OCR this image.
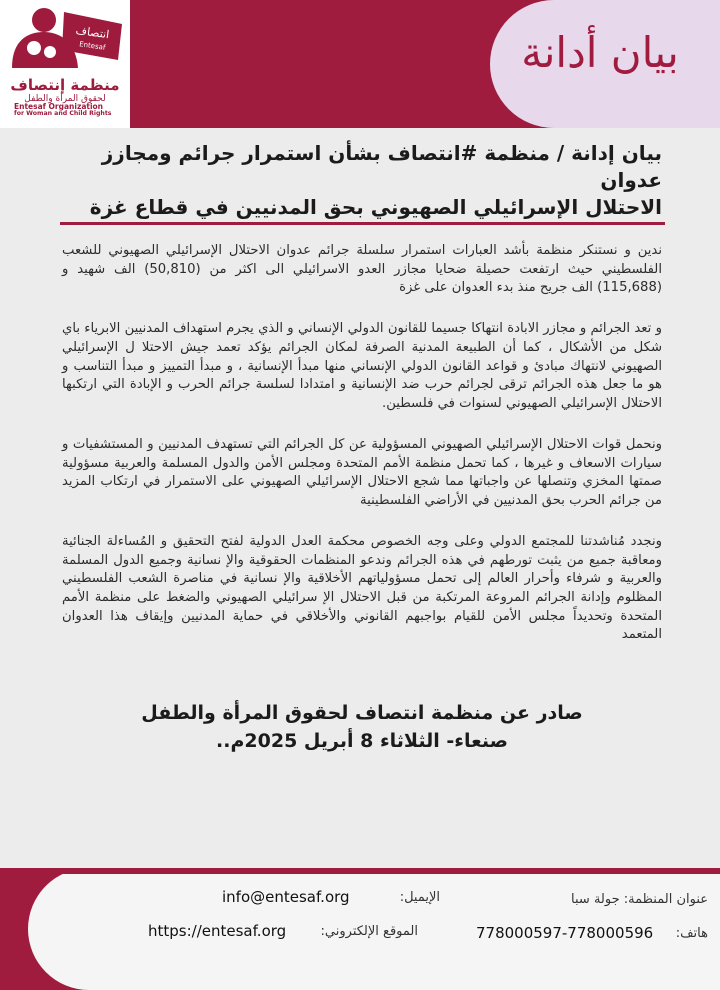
بيان أدانة
انتصاف
Entesaf
منظمة إنتصاف
لحقوق المرأة والطفل
Entesaf Organization
for Woman and Child Rights
بيان إدانة / منظمة #انتصاف بشأن استمرار جرائم ومجازز عدوان
الاحتلال الإسرائيلي الصهيوني بحق المدنيين في قطاع غزة

ندين و نستنكر منظمة بأشد العبارات استمرار سلسلة جرائم عدوان الاحتلال الإسرائيلي الصهيوني للشعب الفلسطيني حيث ارتفعت حصيلة ضحايا مجازر العدو الاسرائيلي الى اكثر من (50,810) الف شهيد و (115,688) الف جريح منذ بدء العدوان على غزة

و تعد الجرائم و مجازر الابادة انتهاكا جسيما للقانون الدولي الإنساني و الذي يجرم استهداف المدنيين الابرياء باي شكل من الأشكال ، كما أن الطبيعة المدنية الصرفة لمكان الجرائم يؤكد تعمد جيش الاحتلا ل الإسرائيلي الصهيوني لانتهاك مبادئ و قواعد القانون الدولي الإنساني منها مبدأ الإنسانية ، و مبدأ التمييز و مبدأ التناسب و هو ما جعل هذه الجرائم ترقى لجرائم حرب ضد الإنسانية و امتدادا لسلسة جرائم الحرب و الإبادة التي ارتكبها الاحتلال الإسرائيلي الصهيوني لسنوات في فلسطين.

ونحمل قوات الاحتلال الإسرائيلي الصهيوني المسؤولية عن كل الجرائم التي تستهدف المدنيين و المستشفيات و سيارات الاسعاف و غيرها ، كما تحمل منظمة الأمم المتحدة ومجلس الأمن والدول المسلمة والعربية مسؤولية صمتها المخزي وتنصلها عن واجباتها مما شجع الاحتلال الإسرائيلي الصهيوني على الاستمرار في ارتكاب المزيد من جرائم الحرب بحق المدنيين في الأراضي الفلسطينية

ونجدد مُناشدتنا للمجتمع الدولي وعلى وجه الخصوص محكمة العدل الدولية لفتح التحقيق و المُساءلة الجنائية ومعاقبة جميع من يثبت تورطهم في هذه الجرائم وندعو المنظمات الحقوقية والإ نسانية وجميع الدول المسلمة والعربية و شرفاء وأحرار العالم إلى تحمل مسؤولياتهم الأخلاقية والإ نسانية في مناصرة الشعب الفلسطيني المظلوم وإدانة الجرائم المروعة المرتكبة من قبل الاحتلال الإ سرائيلي الصهيوني والضغط على منظمة الأمم المتحدة وتحديداً مجلس الأمن للقيام بواجبهم القانوني والأخلاقي في حماية المدنيين وإيقاف هذا العدوان المتعمد

صادر عن منظمة انتصاف لحقوق المرأة والطفل
صنعاء- الثلاثاء 8 أبريل 2025م..
الإيميل:
info@entesaf.org
الموقع الإلكتروني:
https://entesaf.org
عنوان المنظمة: جولة سبا
هاتف:
778000597-778000596
